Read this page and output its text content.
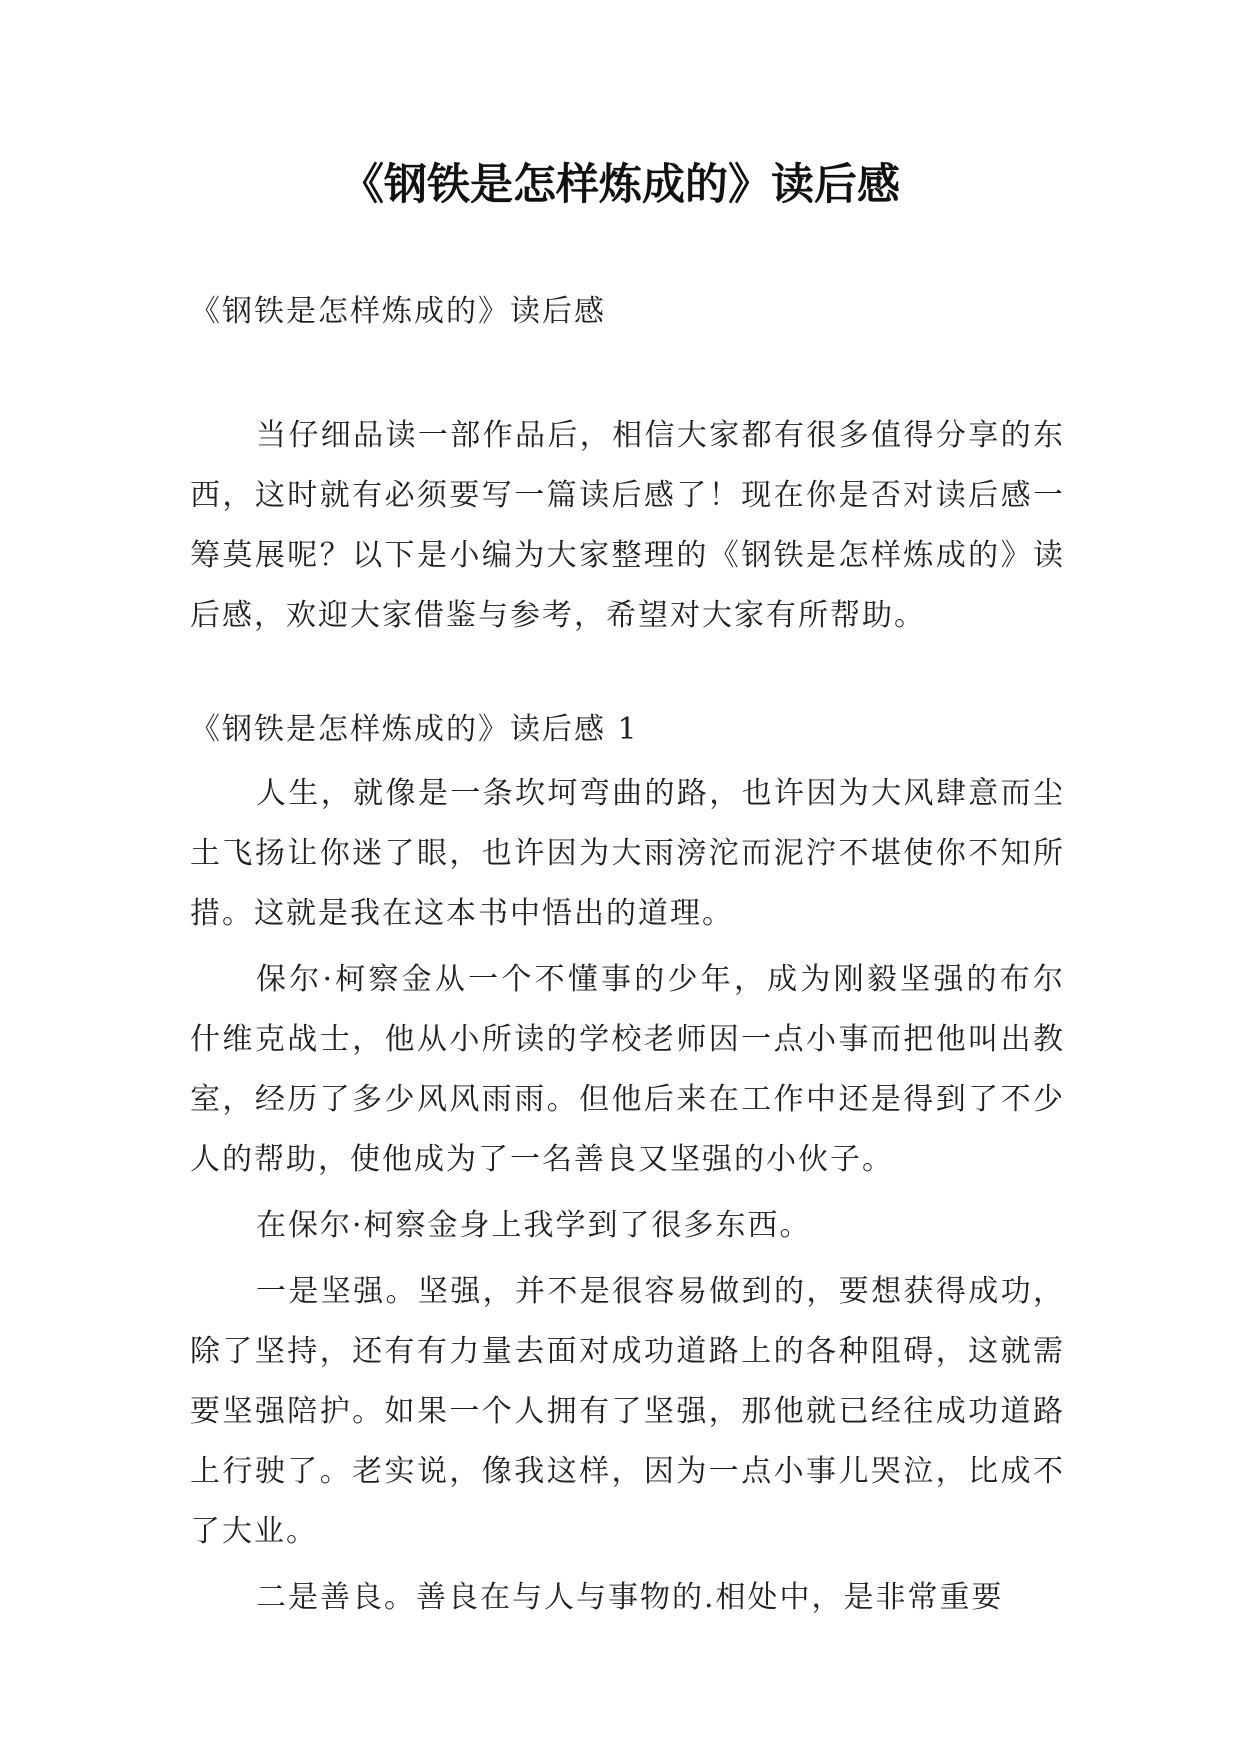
《钢铁是怎样炼成的》读后感

《钢铁是怎样炼成的》读后感

当仔细品读一部作品后，相信大家都有很多值得分享的东西，这时就有必须要写一篇读后感了！现在你是否对读后感一筹莫展呢？以下是小编为大家整理的《钢铁是怎样炼成的》读后感，欢迎大家借鉴与参考，希望对大家有所帮助。

《钢铁是怎样炼成的》读后感 1

人生，就像是一条坎坷弯曲的路，也许因为大风肆意而尘土飞扬让你迷了眼，也许因为大雨滂沱而泥泞不堪使你不知所措。这就是我在这本书中悟出的道理。

保尔·柯察金从一个不懂事的少年，成为刚毅坚强的布尔什维克战士，他从小所读的学校老师因一点小事而把他叫出教室，经历了多少风风雨雨。但他后来在工作中还是得到了不少人的帮助，使他成为了一名善良又坚强的小伙子。

在保尔·柯察金身上我学到了很多东西。

一是坚强。坚强，并不是很容易做到的，要想获得成功，除了坚持，还有有力量去面对成功道路上的各种阻碍，这就需要坚强陪护。如果一个人拥有了坚强，那他就已经往成功道路上行驶了。老实说，像我这样，因为一点小事儿哭泣，比成不了大业。

二是善良。善良在与人与事物的.相处中，是非常重要
